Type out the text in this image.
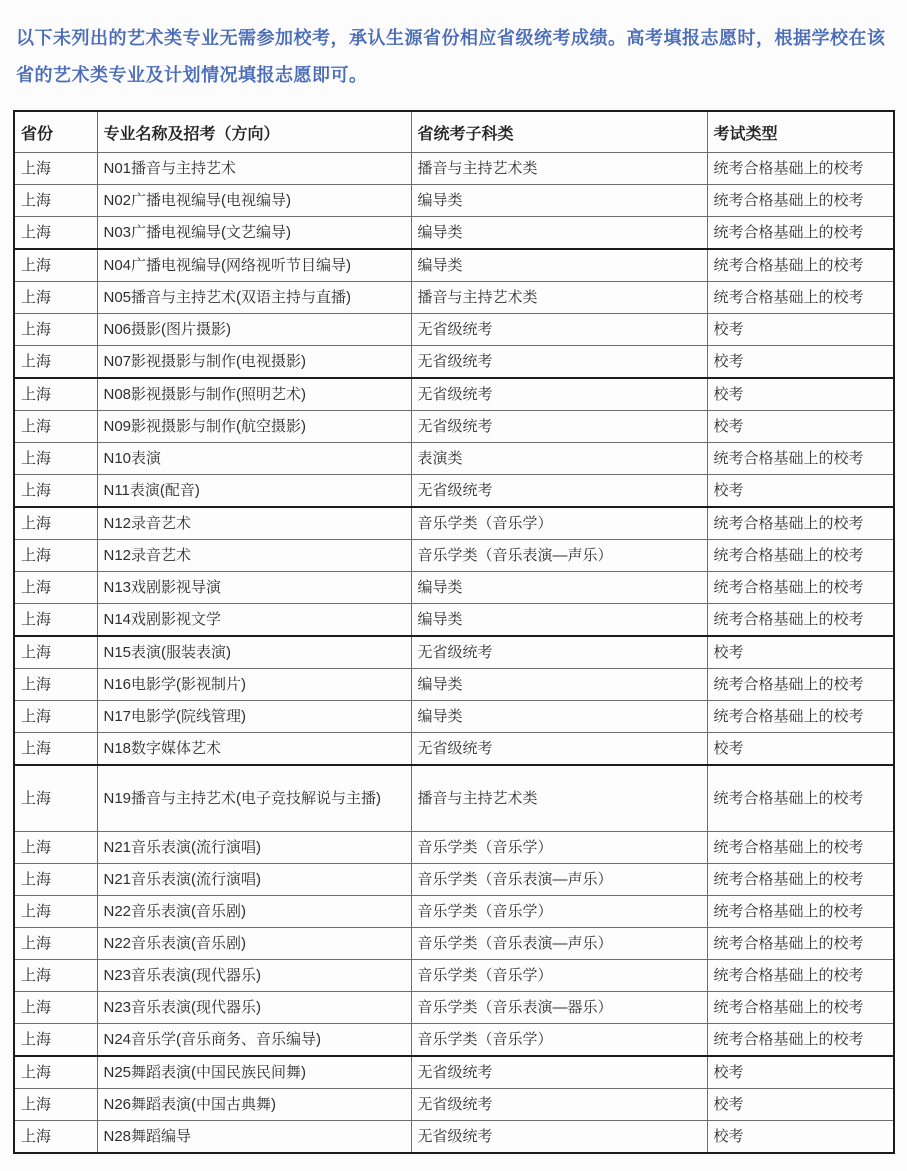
以下未列出的艺术类专业无需参加校考，承认生源省份相应省级统考成绩。高考填报志愿时，根据学校在该省的艺术类专业及计划情况填报志愿即可。

省份	专业名称及招考（方向）	省统考子科类	考试类型
上海	N01播音与主持艺术	播音与主持艺术类	统考合格基础上的校考
上海	N02广播电视编导(电视编导)	编导类	统考合格基础上的校考
上海	N03广播电视编导(文艺编导)	编导类	统考合格基础上的校考
上海	N04广播电视编导(网络视听节目编导)	编导类	统考合格基础上的校考
上海	N05播音与主持艺术(双语主持与直播)	播音与主持艺术类	统考合格基础上的校考
上海	N06摄影(图片摄影)	无省级统考	校考
上海	N07影视摄影与制作(电视摄影)	无省级统考	校考
上海	N08影视摄影与制作(照明艺术)	无省级统考	校考
上海	N09影视摄影与制作(航空摄影)	无省级统考	校考
上海	N10表演	表演类	统考合格基础上的校考
上海	N11表演(配音)	无省级统考	校考
上海	N12录音艺术	音乐学类（音乐学）	统考合格基础上的校考
上海	N12录音艺术	音乐学类（音乐表演—声乐）	统考合格基础上的校考
上海	N13戏剧影视导演	编导类	统考合格基础上的校考
上海	N14戏剧影视文学	编导类	统考合格基础上的校考
上海	N15表演(服装表演)	无省级统考	校考
上海	N16电影学(影视制片)	编导类	统考合格基础上的校考
上海	N17电影学(院线管理)	编导类	统考合格基础上的校考
上海	N18数字媒体艺术	无省级统考	校考
上海	N19播音与主持艺术(电子竞技解说与主播)	播音与主持艺术类	统考合格基础上的校考
上海	N21音乐表演(流行演唱)	音乐学类（音乐学）	统考合格基础上的校考
上海	N21音乐表演(流行演唱)	音乐学类（音乐表演—声乐）	统考合格基础上的校考
上海	N22音乐表演(音乐剧)	音乐学类（音乐学）	统考合格基础上的校考
上海	N22音乐表演(音乐剧)	音乐学类（音乐表演—声乐）	统考合格基础上的校考
上海	N23音乐表演(现代器乐)	音乐学类（音乐学）	统考合格基础上的校考
上海	N23音乐表演(现代器乐)	音乐学类（音乐表演—器乐）	统考合格基础上的校考
上海	N24音乐学(音乐商务、音乐编导)	音乐学类（音乐学）	统考合格基础上的校考
上海	N25舞蹈表演(中国民族民间舞)	无省级统考	校考
上海	N26舞蹈表演(中国古典舞)	无省级统考	校考
上海	N28舞蹈编导	无省级统考	校考
